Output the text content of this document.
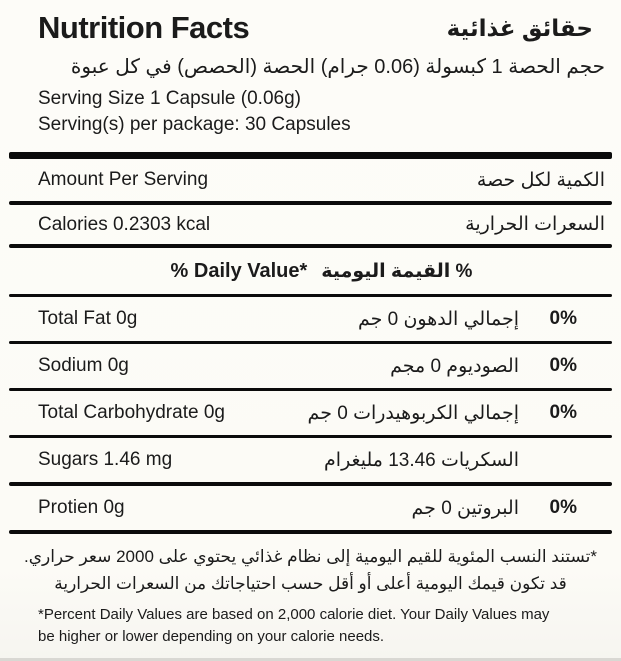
Nutrition Facts	حقائق غذائية
حجم الحصة 1 كبسولة (0.06 جرام) الحصة (الحصص) في كل عبوة
Serving Size 1 Capsule (0.06g)
Serving(s) per package: 30 Capsules
Amount Per Serving	الكمية لكل حصة
Calories 0.2303 kcal	السعرات الحرارية
% Daily Value* % القيمة اليومية
Total Fat 0g	إجمالي الدهون 0 جم	0%
Sodium 0g	الصوديوم 0 مجم	0%
Total Carbohydrate 0g	إجمالي الكربوهيدرات 0 جم	0%
Sugars 1.46 mg	السكريات 13.46 مليغرام
Protien 0g	البروتين 0 جم	0%
*تستند النسب المئوية للقيم اليومية إلى نظام غذائي يحتوي على 2000 سعر حراري.
قد تكون قيمك اليومية أعلى أو أقل حسب احتياجاتك من السعرات الحرارية
*Percent Daily Values are based on 2,000 calorie diet. Your Daily Values may
be higher or lower depending on your calorie needs.
